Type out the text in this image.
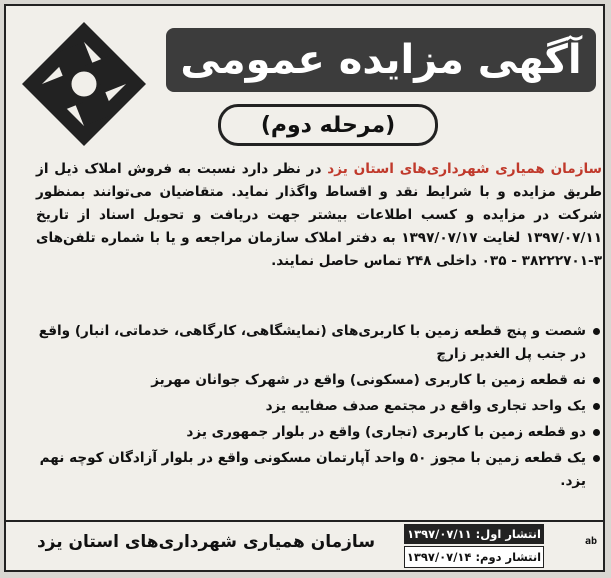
آگهی مزایده عمومی
(مرحله دوم)
سازمان همیاری شهرداری‌های استان یزد در نظر دارد نسبت به فروش املاک ذیل از طریق مزایده و با شرایط نقد و اقساط واگذار نماید. متقاضیان می‌توانند بمنظور شرکت در مزایده و کسب اطلاعات بیشتر جهت دریافت و تحویل اسناد از تاریخ ۱۳۹۷/۰۷/۱۱ لغایت ۱۳۹۷/۰۷/۱۷ به دفتر املاک سازمان مراجعه و یا با شماره تلفن‌های ۳-۳۸۲۲۲۷۰۱ - ۰۳۵ داخلی ۲۴۸ تماس حاصل نمایند.
شصت و پنج قطعه زمین با کاربری‌های (نمایشگاهی، کارگاهی، خدماتی، انبار) واقع در جنب پل الغدیر زارچ
نه قطعه زمین با کاربری (مسکونی) واقع در شهرک جوانان مهریز
یک واحد تجاری واقع در مجتمع صدف صفاییه یزد
دو قطعه زمین با کاربری (تجاری) واقع در بلوار جمهوری یزد
یک قطعه زمین با مجوز ۵۰ واحد آپارتمان مسکونی واقع در بلوار آزادگان کوچه نهم یزد.
سازمان همیاری شهرداری‌های استان یزد	انتشار اول: ۱۳۹۷/۰۷/۱۱
انتشار دوم: ۱۳۹۷/۰۷/۱۴
ab
